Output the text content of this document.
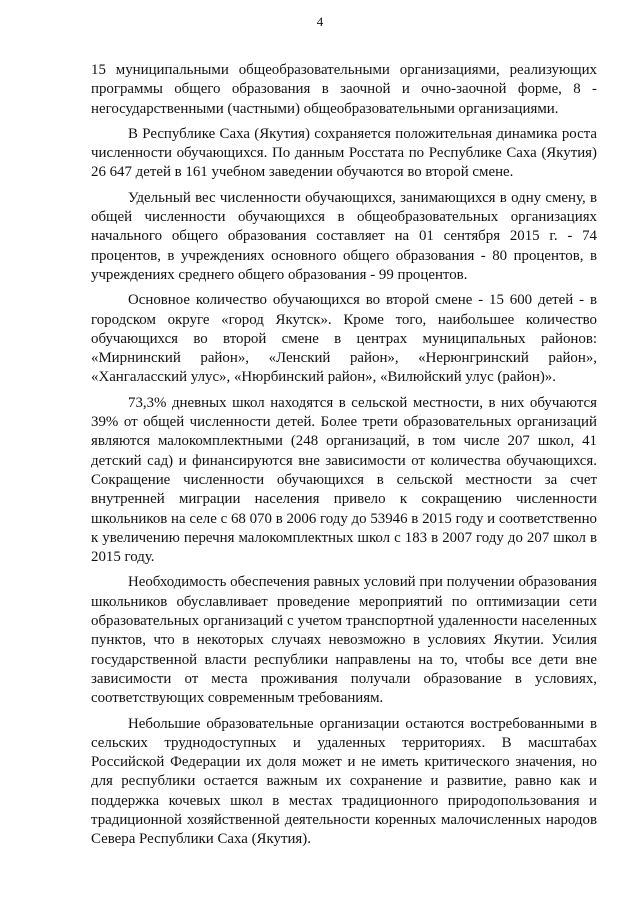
4

15 муниципальными общеобразовательными организациями, реализующих программы общего образования в заочной и очно-заочной форме, 8 - негосударственными (частными) общеобразовательными организациями.

В Республике Саха (Якутия) сохраняется положительная динамика роста численности обучающихся. По данным Росстата по Республике Саха (Якутия) 26 647 детей в 161 учебном заведении обучаются во второй смене.

Удельный вес численности обучающихся, занимающихся в одну смену, в общей численности обучающихся в общеобразовательных организациях начального общего образования составляет на 01 сентября 2015 г. - 74 процентов, в учреждениях основного общего образования - 80 процентов, в учреждениях среднего общего образования - 99 процентов.

Основное количество обучающихся во второй смене - 15 600 детей - в городском округе «город Якутск». Кроме того, наибольшее количество обучающихся во второй смене в центрах муниципальных районов: «Мирнинский район», «Ленский район», «Нерюнгринский район», «Хангаласский улус», «Нюрбинский район», «Вилюйский улус (район)».

73,3% дневных школ находятся в сельской местности, в них обучаются 39% от общей численности детей. Более трети образовательных организаций являются малокомплектными (248 организаций, в том числе 207 школ, 41 детский сад) и финансируются вне зависимости от количества обучающихся. Сокращение численности обучающихся в сельской местности за счет внутренней миграции населения привело к сокращению численности школьников на селе с 68 070 в 2006 году до 53946 в 2015 году и соответственно к увеличению перечня малокомплектных школ с 183 в 2007 году до 207 школ в 2015 году.

Необходимость обеспечения равных условий при получении образования школьников обуславливает проведение мероприятий по оптимизации сети образовательных организаций с учетом транспортной удаленности населенных пунктов, что в некоторых случаях невозможно в условиях Якутии. Усилия государственной власти республики направлены на то, чтобы все дети вне зависимости от места проживания получали образование в условиях, соответствующих современным требованиям.

Небольшие образовательные организации остаются востребованными в сельских труднодоступных и удаленных территориях. В масштабах Российской Федерации их доля может и не иметь критического значения, но для республики остается важным их сохранение и развитие, равно как и поддержка кочевых школ в местах традиционного природопользования и традиционной хозяйственной деятельности коренных малочисленных народов Севера Республики Саха (Якутия).
